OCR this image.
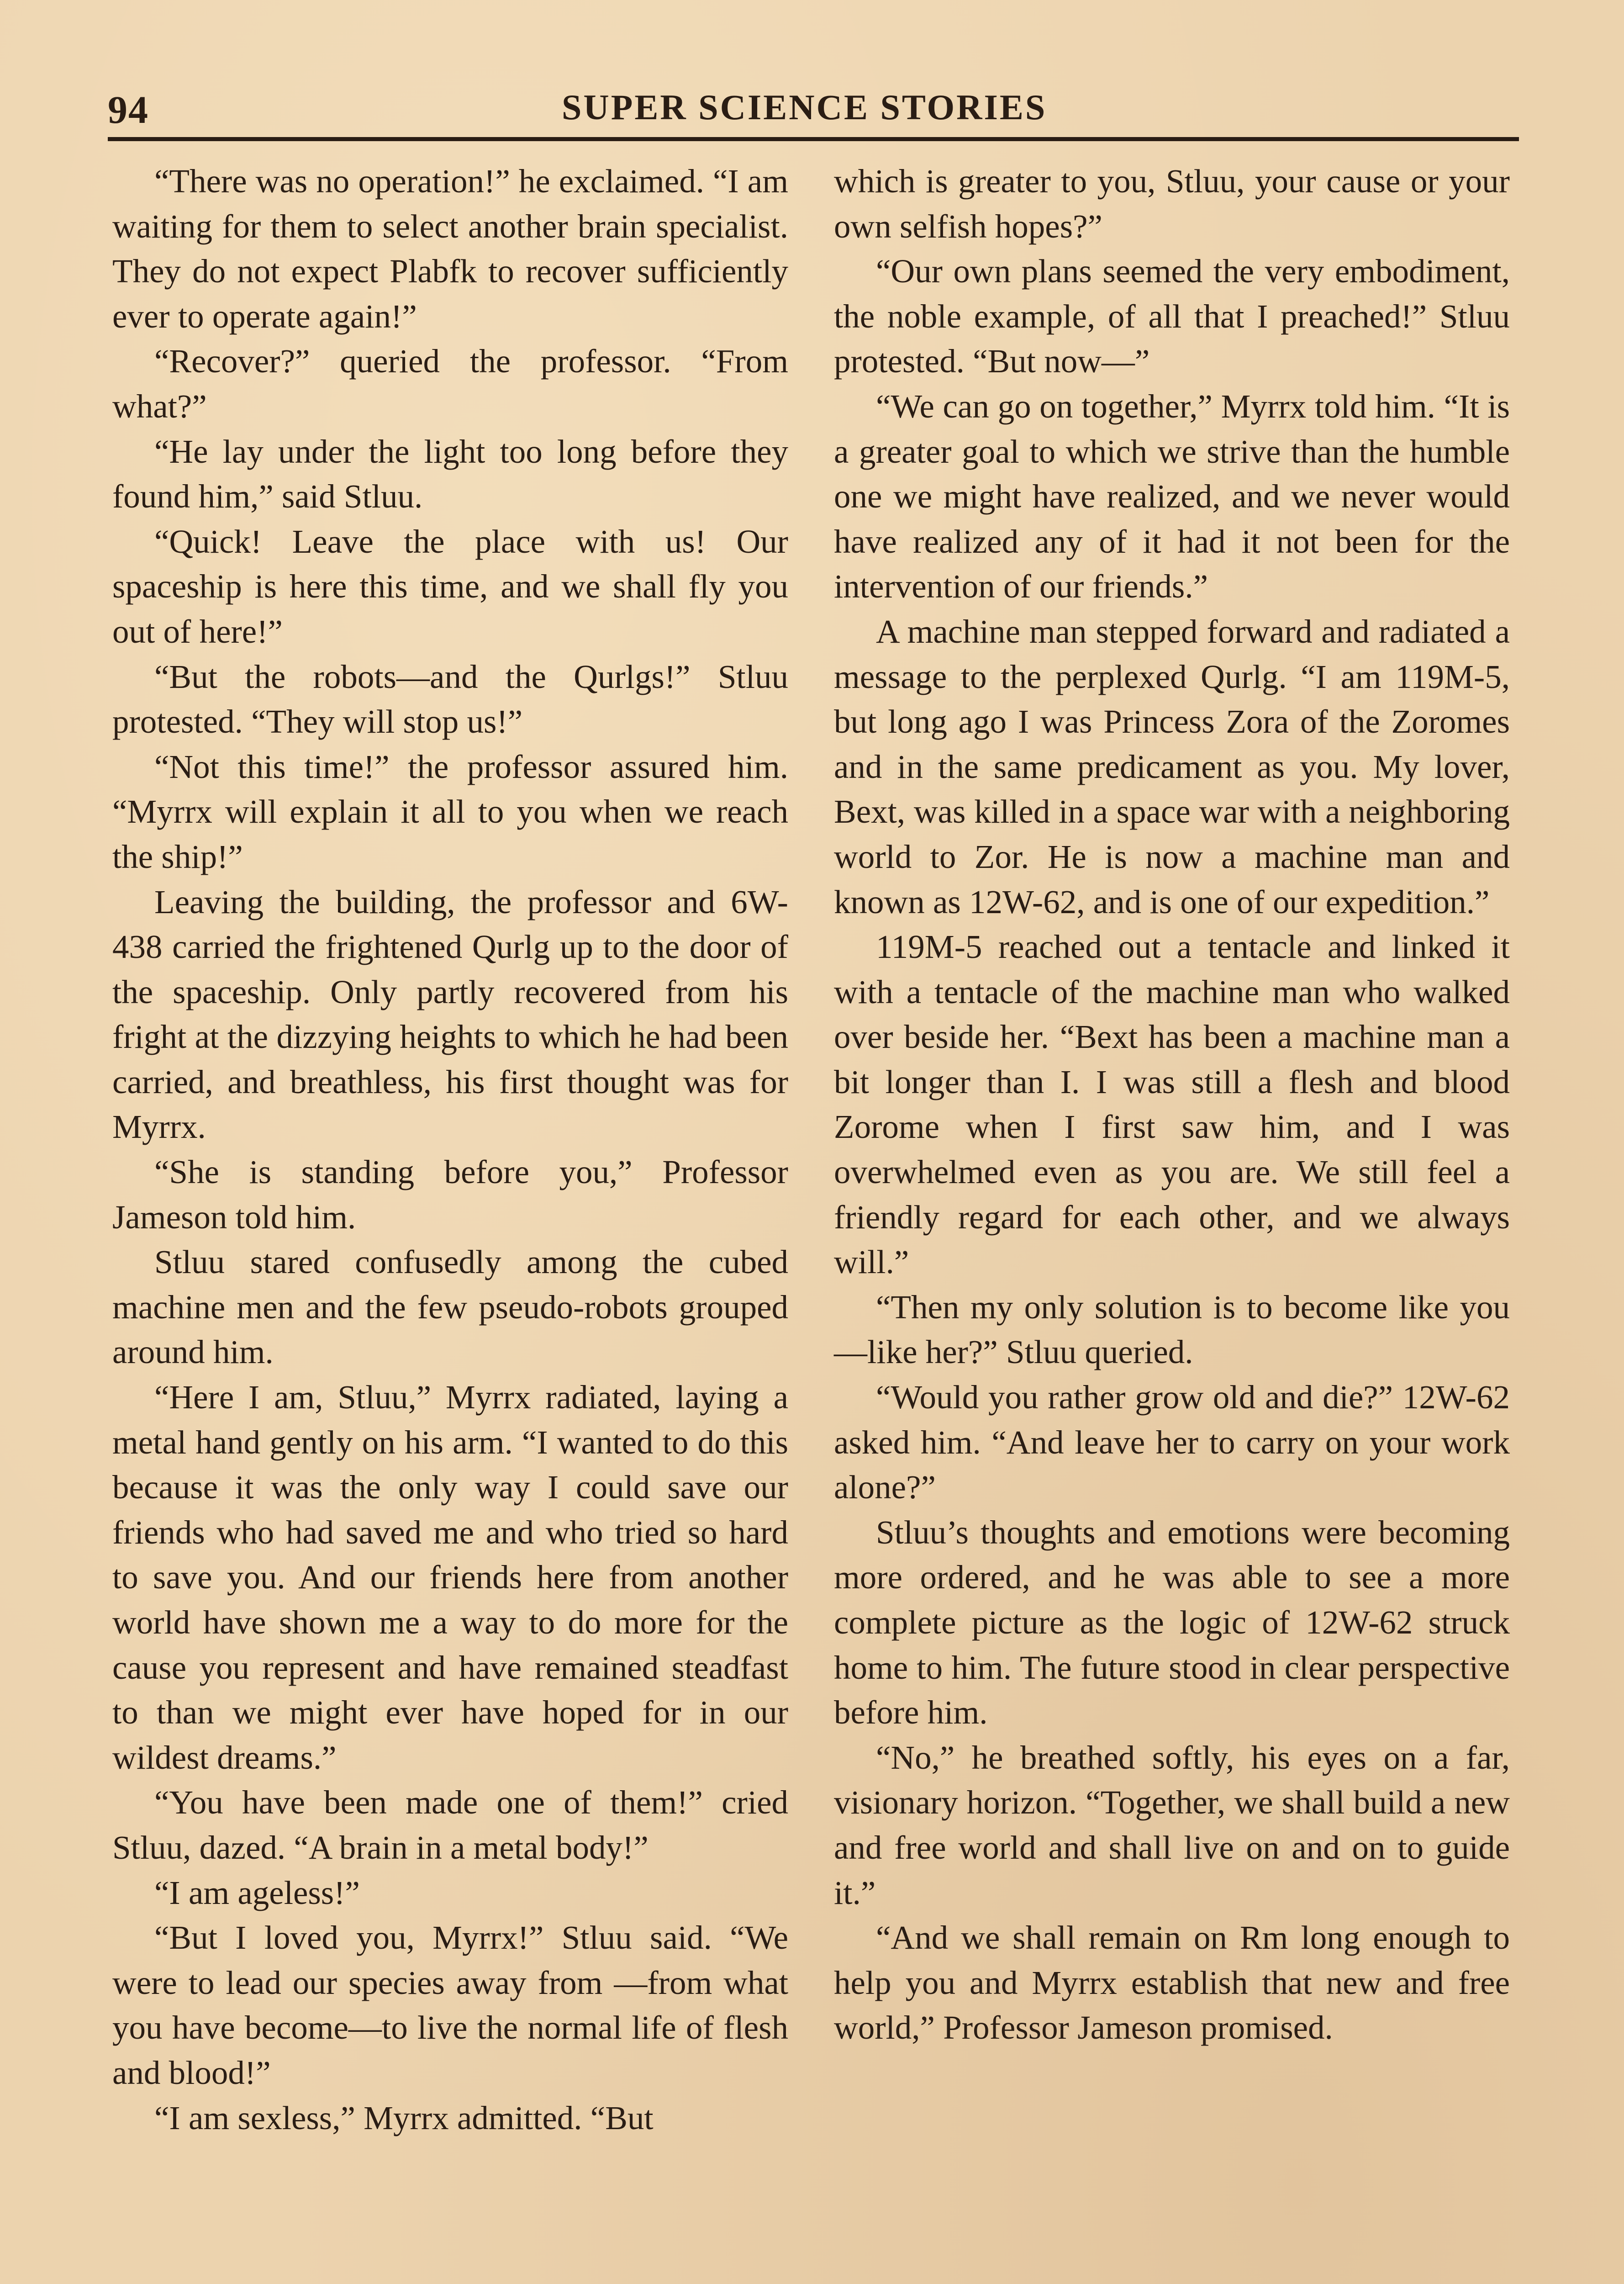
94	SUPER SCIENCE STORIES

“There was no operation!” he exclaimed. “I am waiting for them to select another brain specialist. They do not expect Plabfk to recover sufficiently ever to operate again!”

“Recover?” queried the professor. “From what?”

“He lay under the light too long before they found him,” said Stluu.

“Quick! Leave the place with us! Our spaceship is here this time, and we shall fly you out of here!”

“But the robots—and the Qurlgs!” Stluu protested. “They will stop us!”

“Not this time!” the professor assured him. “Myrrx will explain it all to you when we reach the ship!”

Leaving the building, the professor and 6W-438 carried the frightened Qurlg up to the door of the spaceship. Only partly recovered from his fright at the dizzying heights to which he had been carried, and breathless, his first thought was for Myrrx.

“She is standing before you,” Professor Jameson told him.

Stluu stared confusedly among the cubed machine men and the few pseudo-robots grouped around him.

“Here I am, Stluu,” Myrrx radiated, laying a metal hand gently on his arm. “I wanted to do this because it was the only way I could save our friends who had saved me and who tried so hard to save you. And our friends here from another world have shown me a way to do more for the cause you represent and have remained steadfast to than we might ever have hoped for in our wildest dreams.”

“You have been made one of them!” cried Stluu, dazed. “A brain in a metal body!”

“I am ageless!”

“But I loved you, Myrrx!” Stluu said. “We were to lead our species away from —from what you have become—to live the normal life of flesh and blood!”

“I am sexless,” Myrrx admitted. “But

which is greater to you, Stluu, your cause or your own selfish hopes?”

“Our own plans seemed the very embodiment, the noble example, of all that I preached!” Stluu protested. “But now—”

“We can go on together,” Myrrx told him. “It is a greater goal to which we strive than the humble one we might have realized, and we never would have realized any of it had it not been for the intervention of our friends.”

A machine man stepped forward and radiated a message to the perplexed Qurlg. “I am 119M-5, but long ago I was Princess Zora of the Zoromes and in the same predicament as you. My lover, Bext, was killed in a space war with a neighboring world to Zor. He is now a machine man and known as 12W-62, and is one of our expedition.”

119M-5 reached out a tentacle and linked it with a tentacle of the machine man who walked over beside her. “Bext has been a machine man a bit longer than I. I was still a flesh and blood Zorome when I first saw him, and I was overwhelmed even as you are. We still feel a friendly regard for each other, and we always will.”

“Then my only solution is to become like you—like her?” Stluu queried.

“Would you rather grow old and die?” 12W-62 asked him. “And leave her to carry on your work alone?”

Stluu’s thoughts and emotions were becoming more ordered, and he was able to see a more complete picture as the logic of 12W-62 struck home to him. The future stood in clear perspective before him.

“No,” he breathed softly, his eyes on a far, visionary horizon. “Together, we shall build a new and free world and shall live on and on to guide it.”

“And we shall remain on Rm long enough to help you and Myrrx establish that new and free world,” Professor Jameson promised.
